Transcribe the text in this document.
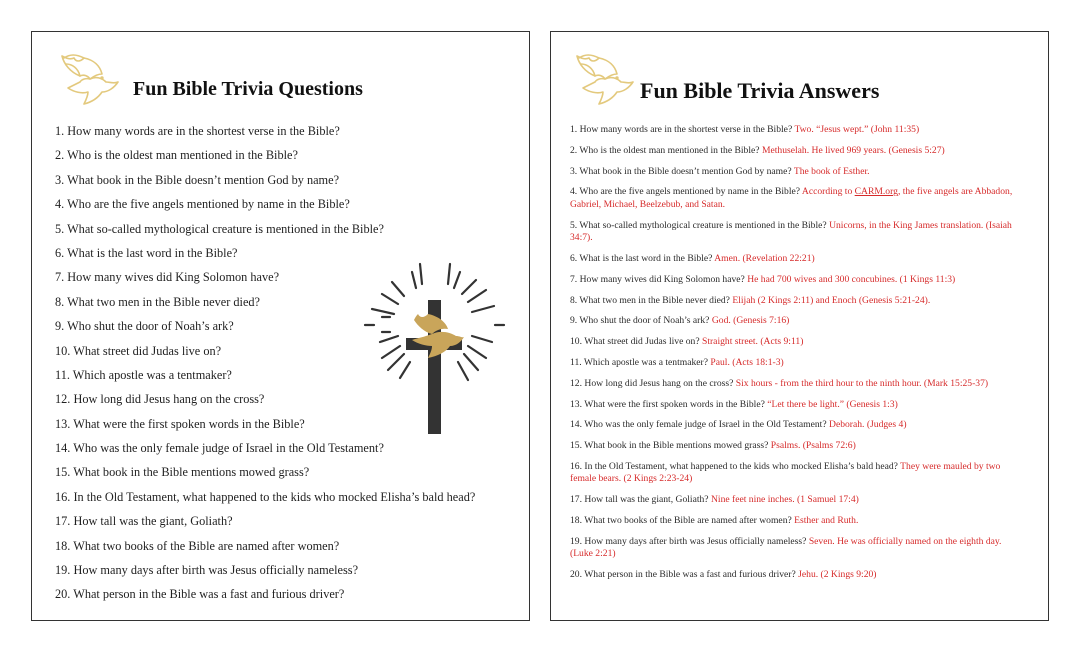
Fun Bible Trivia Questions
1. How many words are in the shortest verse in the Bible?
2. Who is the oldest man mentioned in the Bible?
3. What book in the Bible doesn’t mention God by name?
4. Who are the five angels mentioned by name in the Bible?
5. What so-called mythological creature is mentioned in the Bible?
6. What is the last word in the Bible?
7. How many wives did King Solomon have?
8. What two men in the Bible never died?
9. Who shut the door of Noah’s ark?
10. What street did Judas live on?
11. Which apostle was a tentmaker?
12. How long did Jesus hang on the cross?
13. What were the first spoken words in the Bible?
14. Who was the only female judge of Israel in the Old Testament?
15. What book in the Bible mentions mowed grass?
16. In the Old Testament, what happened to the kids who mocked Elisha’s bald head?
17. How tall was the giant, Goliath?
18. What two books of the Bible are named after women?
19. How many days after birth was Jesus officially nameless?
20. What person in the Bible was a fast and furious driver?
Fun Bible Trivia Answers
1. How many words are in the shortest verse in the Bible? Two. “Jesus wept.” (John 11:35)
2. Who is the oldest man mentioned in the Bible? Methuselah. He lived 969 years. (Genesis 5:27)
3. What book in the Bible doesn’t mention God by name? The book of Esther.
4. Who are the five angels mentioned by name in the Bible? According to CARM.org, the five angels are Abbadon, Gabriel, Michael, Beelzebub, and Satan.
5. What so-called mythological creature is mentioned in the Bible? Unicorns, in the King James translation. (Isaiah 34:7).
6. What is the last word in the Bible? Amen. (Revelation 22:21)
7. How many wives did King Solomon have? He had 700 wives and 300 concubines. (1 Kings 11:3)
8. What two men in the Bible never died? Elijah (2 Kings 2:11) and Enoch (Genesis 5:21-24).
9. Who shut the door of Noah’s ark? God. (Genesis 7:16)
10. What street did Judas live on? Straight street. (Acts 9:11)
11. Which apostle was a tentmaker? Paul. (Acts 18:1-3)
12. How long did Jesus hang on the cross? Six hours - from the third hour to the ninth hour. (Mark 15:25-37)
13. What were the first spoken words in the Bible? “Let there be light.” (Genesis 1:3)
14. Who was the only female judge of Israel in the Old Testament? Deborah. (Judges 4)
15. What book in the Bible mentions mowed grass? Psalms. (Psalms 72:6)
16. In the Old Testament, what happened to the kids who mocked Elisha’s bald head? They were mauled by two female bears. (2 Kings 2:23-24)
17. How tall was the giant, Goliath? Nine feet nine inches. (1 Samuel 17:4)
18. What two books of the Bible are named after women? Esther and Ruth.
19. How many days after birth was Jesus officially nameless? Seven. He was officially named on the eighth day. (Luke 2:21)
20. What person in the Bible was a fast and furious driver? Jehu. (2 Kings 9:20)
